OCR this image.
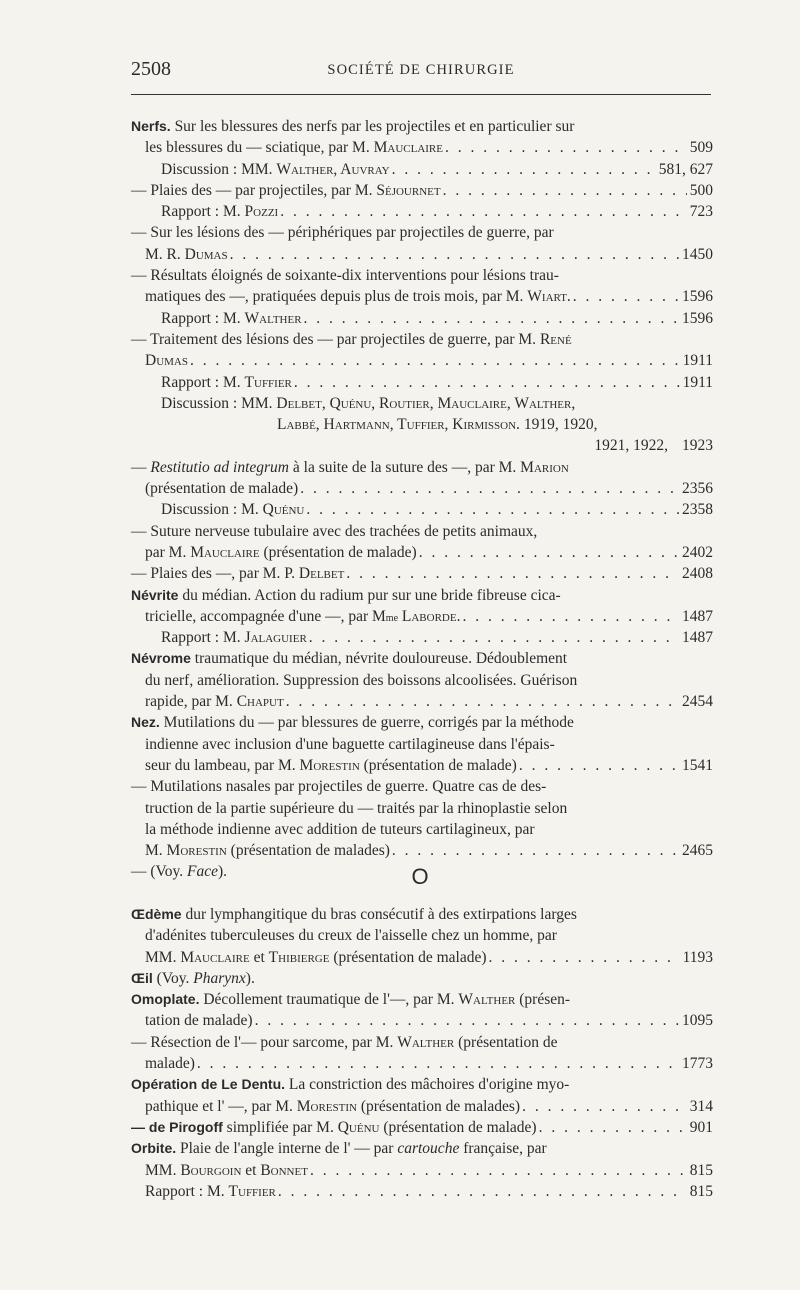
2508	SOCIÉTÉ DE CHIRURGIE
Nerfs. Sur les blessures des nerfs par les projectiles et en particulier sur
les blessures du — sciatique, par M. Mauclaire . . .	509
Discussion : MM. Walther, Auvray . . .	581, 627
— Plaies des — par projectiles, par M. Séjournet . . .	500
Rapport : M. Pozzi . . .	723
— Sur les lésions des — périphériques par projectiles de guerre, par
M. R. Dumas . . .	1450
— Résultats éloignés de soixante-dix interventions pour lésions trau-
matiques des —, pratiquées depuis plus de trois mois, par M. Wiart. . . .	1596
Rapport : M. Walther . . .	1596
— Traitement des lésions des — par projectiles de guerre, par M. René
Dumas . . .	1911
Rapport : M. Tuffier . . .	1911
Discussion : MM. Delbet, Quénu, Routier, Mauclaire, Walther,
Labbé, Hartmann, Tuffier, Kirmisson. 1919, 1920,
1921, 1922, 1923
— Restitutio ad integrum à la suite de la suture des —, par M. Marion
(présentation de malade) . . .	2356
Discussion : M. Quénu . . .	2358
— Suture nerveuse tubulaire avec des trachées de petits animaux,
par M. Mauclaire (présentation de malade) . . .	2402
— Plaies des —, par M. P. Delbet . . .	2408
Névrite du médian. Action du radium pur sur une bride fibreuse cica-
tricielle, accompagnée d'une —, par M me Laborde. . . .	1487
Rapport : M. Jalaguier . . .	1487
Névrome traumatique du médian, névrite douloureuse. Dédoublement
du nerf, amélioration. Suppression des boissons alcoolisées. Guérison
rapide, par M. Chaput . . .	2454
Nez. Mutilations du — par blessures de guerre, corrigés par la méthode
indienne avec inclusion d'une baguette cartilagineuse dans l'épais-
seur du lambeau, par M. Morestin (présentation de malade) . . .	1541
— Mutilations nasales par projectiles de guerre. Quatre cas de des-
truction de la partie supérieure du — traités par la rhinoplastie selon
la méthode indienne avec addition de tuteurs cartilagineux, par
M. Morestin (présentation de malades) . . .	2465
— (Voy. Face ).	O
Œdème dur lymphangitique du bras consécutif à des extirpations larges
d'adénites tuberculeuses du creux de l'aisselle chez un homme, par
MM. Mauclaire et Thibierge (présentation de malade) . . .	1193
Œil (Voy. Pharynx ).
Omoplate. Décollement traumatique de l'—, par M. Walther (présen-
tation de malade) . . .	1095
— Résection de l'— pour sarcome, par M. Walther (présentation de
malade) . . .	1773
Opération de Le Dentu. La constriction des mâchoires d'origine myo-
pathique et l' —, par M. Morestin (présentation de malades) . . .	314
— de Pirogoff simplifiée par M. Quénu (présentation de malade) . . .	901
Orbite. Plaie de l'angle interne de l' — par cartouche française, par
MM. Bourgoin et Bonnet . . .	815
Rapport : M. Tuffier . . .	815
